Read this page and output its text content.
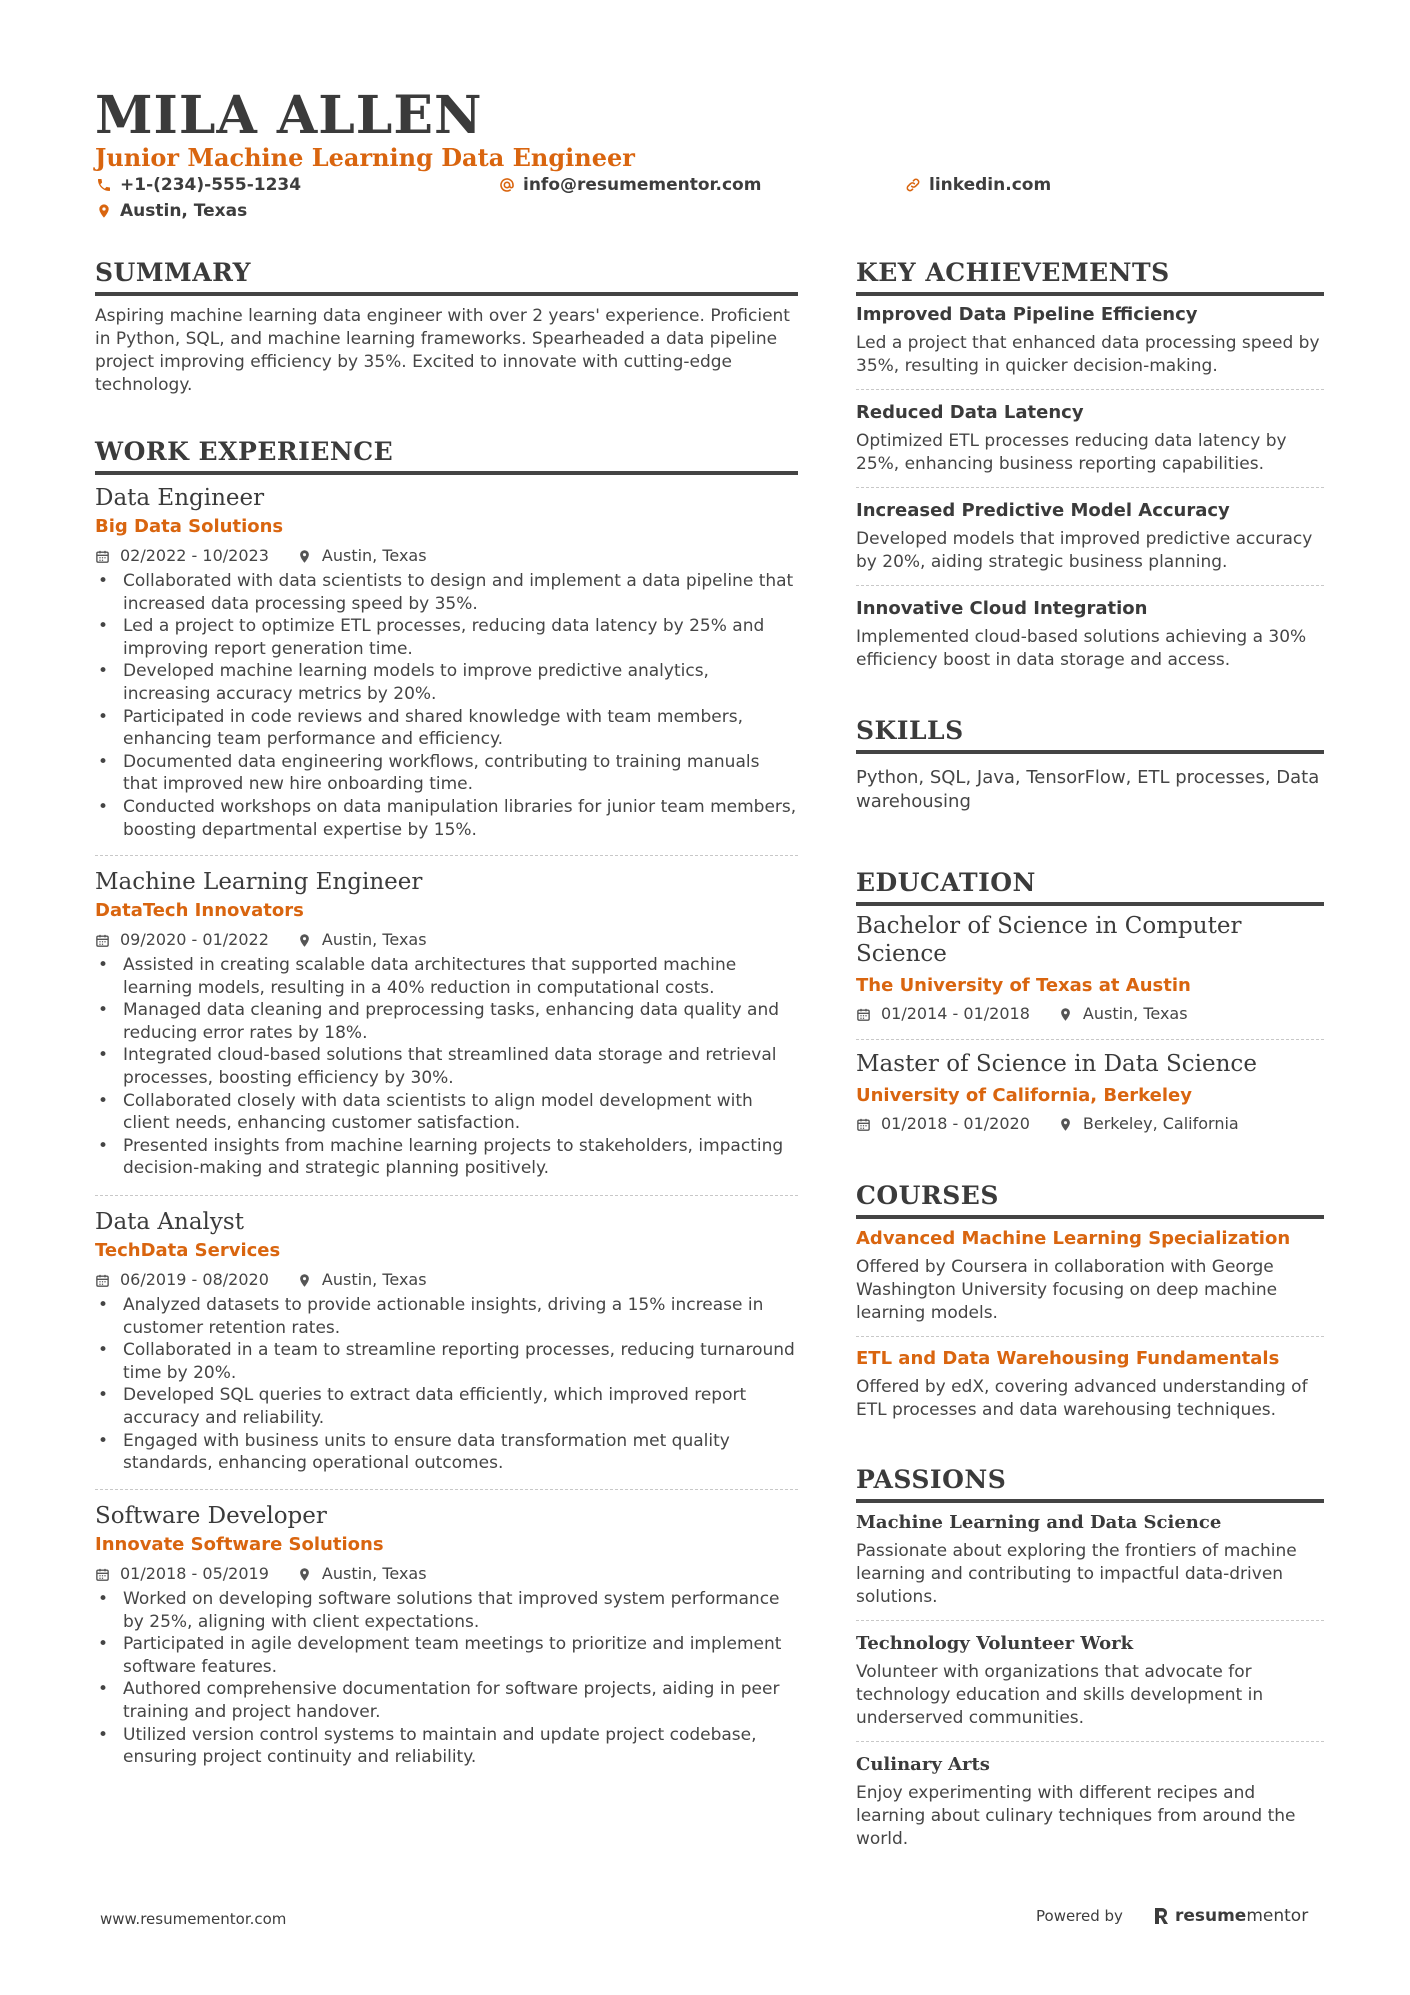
MILA ALLEN
Junior Machine Learning Data Engineer
+1-(234)-555-1234	info@resumementor.com	linkedin.com
Austin, Texas
SUMMARY

Aspiring machine learning data engineer with over 2 years' experience. Proficient in Python, SQL, and machine learning frameworks. Spearheaded a data pipeline project improving efficiency by 35%. Excited to innovate with cutting-edge technology.

WORK EXPERIENCE

Data Engineer

Big Data Solutions

02/2022 - 10/2023	Austin, Texas
• Collaborated with data scientists to design and implement a data pipeline that increased data processing speed by 35%.
• Led a project to optimize ETL processes, reducing data latency by 25% and improving report generation time.
• Developed machine learning models to improve predictive analytics, increasing accuracy metrics by 20%.
• Participated in code reviews and shared knowledge with team members, enhancing team performance and efficiency.
• Documented data engineering workflows, contributing to training manuals that improved new hire onboarding time.
• Conducted workshops on data manipulation libraries for junior team members, boosting departmental expertise by 15%.

Machine Learning Engineer

DataTech Innovators

09/2020 - 01/2022	Austin, Texas
• Assisted in creating scalable data architectures that supported machine learning models, resulting in a 40% reduction in computational costs.
• Managed data cleaning and preprocessing tasks, enhancing data quality and reducing error rates by 18%.
• Integrated cloud-based solutions that streamlined data storage and retrieval processes, boosting efficiency by 30%.
• Collaborated closely with data scientists to align model development with client needs, enhancing customer satisfaction.
• Presented insights from machine learning projects to stakeholders, impacting decision-making and strategic planning positively.

Data Analyst

TechData Services

06/2019 - 08/2020	Austin, Texas
• Analyzed datasets to provide actionable insights, driving a 15% increase in customer retention rates.
• Collaborated in a team to streamline reporting processes, reducing turnaround time by 20%.
• Developed SQL queries to extract data efficiently, which improved report accuracy and reliability.
• Engaged with business units to ensure data transformation met quality standards, enhancing operational outcomes.

Software Developer

Innovate Software Solutions

01/2018 - 05/2019	Austin, Texas
• Worked on developing software solutions that improved system performance by 25%, aligning with client expectations.
• Participated in agile development team meetings to prioritize and implement software features.
• Authored comprehensive documentation for software projects, aiding in peer training and project handover.
• Utilized version control systems to maintain and update project codebase, ensuring project continuity and reliability.
KEY ACHIEVEMENTS

Improved Data Pipeline Efficiency

Led a project that enhanced data processing speed by 35%, resulting in quicker decision-making.

Reduced Data Latency

Optimized ETL processes reducing data latency by 25%, enhancing business reporting capabilities.

Increased Predictive Model Accuracy

Developed models that improved predictive accuracy by 20%, aiding strategic business planning.

Innovative Cloud Integration

Implemented cloud-based solutions achieving a 30% efficiency boost in data storage and access.

SKILLS

Python, SQL, Java, TensorFlow, ETL processes, Data warehousing

EDUCATION

Bachelor of Science in Computer Science

The University of Texas at Austin

01/2014 - 01/2018	Austin, Texas

Master of Science in Data Science

University of California, Berkeley

01/2018 - 01/2020	Berkeley, California
COURSES

Advanced Machine Learning Specialization

Offered by Coursera in collaboration with George Washington University focusing on deep machine learning models.

ETL and Data Warehousing Fundamentals

Offered by edX, covering advanced understanding of ETL processes and data warehousing techniques.

PASSIONS

Machine Learning and Data Science

Passionate about exploring the frontiers of machine learning and contributing to impactful data-driven solutions.

Technology Volunteer Work

Volunteer with organizations that advocate for technology education and skills development in underserved communities.

Culinary Arts

Enjoy experimenting with different recipes and learning about culinary techniques from around the world.

www.resumementor.com	Powered by	resume mentor
